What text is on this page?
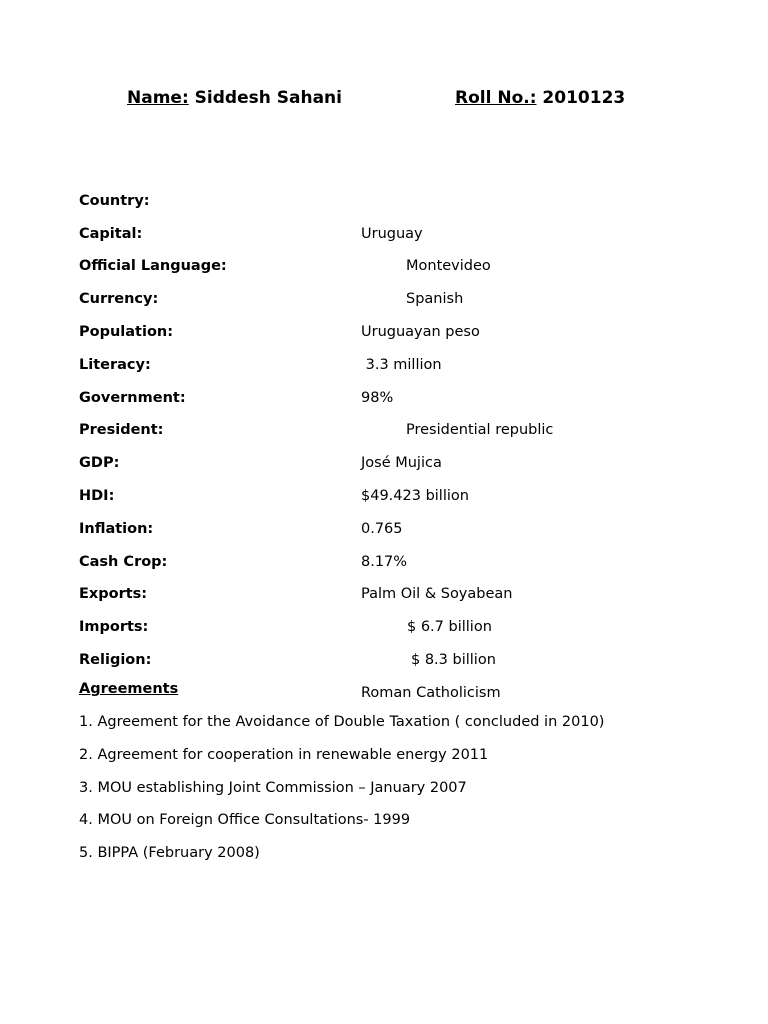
Name: Siddesh Sahani	Roll No.: 2010123

Country:

Uruguay

Capital:

Montevideo

Official Language:

Spanish

Currency:

Uruguayan peso

Population:

3.3 million

Literacy:

98%

Government:

Presidential republic

President:

José Mujica

GDP:

$49.423 billion

HDI:

0.765

Inflation:

8.17%

Cash Crop:

Palm Oil & Soyabean

Exports:

$ 6.7 billion

Imports:

$ 8.3 billion

Religion:

Roman Catholicism

Agreements
1. Agreement for the Avoidance of Double Taxation ( concluded in 2010)
2. Agreement for cooperation in renewable energy 2011
3. MOU establishing Joint Commission – January 2007
4. MOU on Foreign Office Consultations- 1999
5. BIPPA (February 2008)
